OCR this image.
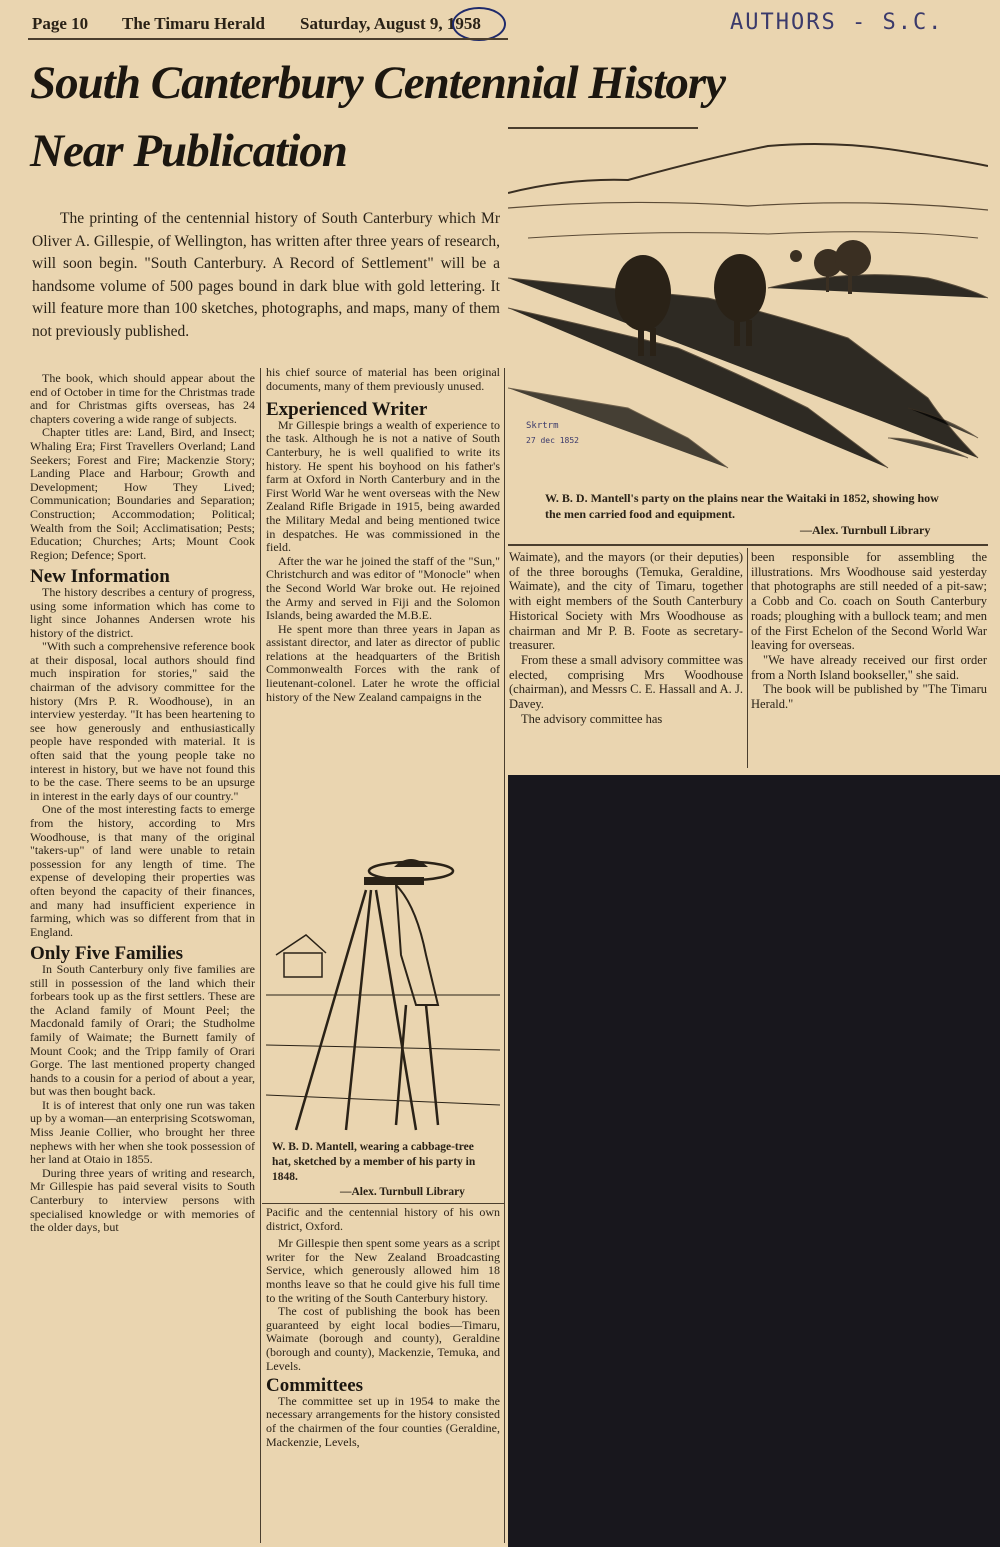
Page 10 The Timaru Herald Saturday, August 9, 1958	AUTHORS - S.C.
South Canterbury Centennial History
Near Publication

The printing of the centennial history of South Canterbury which Mr Oliver A. Gillespie, of Wellington, has written after three years of research, will soon begin. "South Canterbury. A Record of Settlement" will be a handsome volume of 500 pages bound in dark blue with gold lettering. It will feature more than 100 sketches, photographs, and maps, many of them not previously published.

Skrtrm
27 dec 1852

W. B. D. Mantell's party on the plains near the Waitaki in 1852, showing how the men carried food and equipment.

—Alex. Turnbull Library

The book, which should appear about the end of October in time for the Christmas trade and for Christmas gifts overseas, has 24 chapters covering a wide range of subjects.

Chapter titles are: Land, Bird, and Insect; Whaling Era; First Travellers Overland; Land Seekers; Forest and Fire; Mackenzie Story; Landing Place and Harbour; Growth and Development; How They Lived; Communication; Boundaries and Separation; Construction; Accommodation; Political; Wealth from the Soil; Acclimatisation; Pests; Education; Churches; Arts; Mount Cook Region; Defence; Sport.

New Information

The history describes a century of progress, using some information which has come to light since Johannes Andersen wrote his history of the district.

"With such a comprehensive reference book at their disposal, local authors should find much inspiration for stories," said the chairman of the advisory committee for the history (Mrs P. R. Woodhouse), in an interview yesterday. "It has been heartening to see how generously and enthusiastically people have responded with material. It is often said that the young people take no interest in history, but we have not found this to be the case. There seems to be an upsurge in interest in the early days of our country."

One of the most interesting facts to emerge from the history, according to Mrs Woodhouse, is that many of the original "takers-up" of land were unable to retain possession for any length of time. The expense of developing their properties was often beyond the capacity of their finances, and many had insufficient experience in farming, which was so different from that in England.

Only Five Families

In South Canterbury only five families are still in possession of the land which their forbears took up as the first settlers. These are the Acland family of Mount Peel; the Macdonald family of Orari; the Studholme family of Waimate; the Burnett family of Mount Cook; and the Tripp family of Orari Gorge. The last mentioned property changed hands to a cousin for a period of about a year, but was then bought back.

It is of interest that only one run was taken up by a woman—an enterprising Scotswoman, Miss Jeanie Collier, who brought her three nephews with her when she took possession of her land at Otaio in 1855.

During three years of writing and research, Mr Gillespie has paid several visits to South Canterbury to interview persons with specialised knowledge or with memories of the older days, but

his chief source of material has been original documents, many of them previously unused.

Experienced Writer

Mr Gillespie brings a wealth of experience to the task. Although he is not a native of South Canterbury, he is well qualified to write its history. He spent his boyhood on his father's farm at Oxford in North Canterbury and in the First World War he went overseas with the New Zealand Rifle Brigade in 1915, being awarded the Military Medal and being mentioned twice in despatches. He was commissioned in the field.

After the war he joined the staff of the "Sun," Christchurch and was editor of "Monocle" when the Second World War broke out. He rejoined the Army and served in Fiji and the Solomon Islands, being awarded the M.B.E.

He spent more than three years in Japan as assistant director, and later as director of public relations at the headquarters of the British Commonwealth Forces with the rank of lieutenant-colonel. Later he wrote the official history of the New Zealand campaigns in the

W. B. D. Mantell, wearing a cabbage-tree hat, sketched by a member of his party in 1848.

—Alex. Turnbull Library

Pacific and the centennial history of his own district, Oxford.

Mr Gillespie then spent some years as a script writer for the New Zealand Broadcasting Service, which generously allowed him 18 months leave so that he could give his full time to the writing of the South Canterbury history.

The cost of publishing the book has been guaranteed by eight local bodies—Timaru, Waimate (borough and county), Geraldine (borough and county), Mackenzie, Temuka, and Levels.

Committees

The committee set up in 1954 to make the necessary arrangements for the history consisted of the chairmen of the four counties (Geraldine, Mackenzie, Levels,

Waimate), and the mayors (or their deputies) of the three boroughs (Temuka, Geraldine, Waimate), and the city of Timaru, together with eight members of the South Canterbury Historical Society with Mrs Woodhouse as chairman and Mr P. B. Foote as secretary-treasurer.

From these a small advisory committee was elected, comprising Mrs Woodhouse (chairman), and Messrs C. E. Hassall and A. J. Davey.

The advisory committee has

been responsible for assembling the illustrations. Mrs Woodhouse said yesterday that photographs are still needed of a pit-saw; a Cobb and Co. coach on South Canterbury roads; ploughing with a bullock team; and men of the First Echelon of the Second World War leaving for overseas.

"We have already received our first order from a North Island bookseller," she said.

The book will be published by "The Timaru Herald."
